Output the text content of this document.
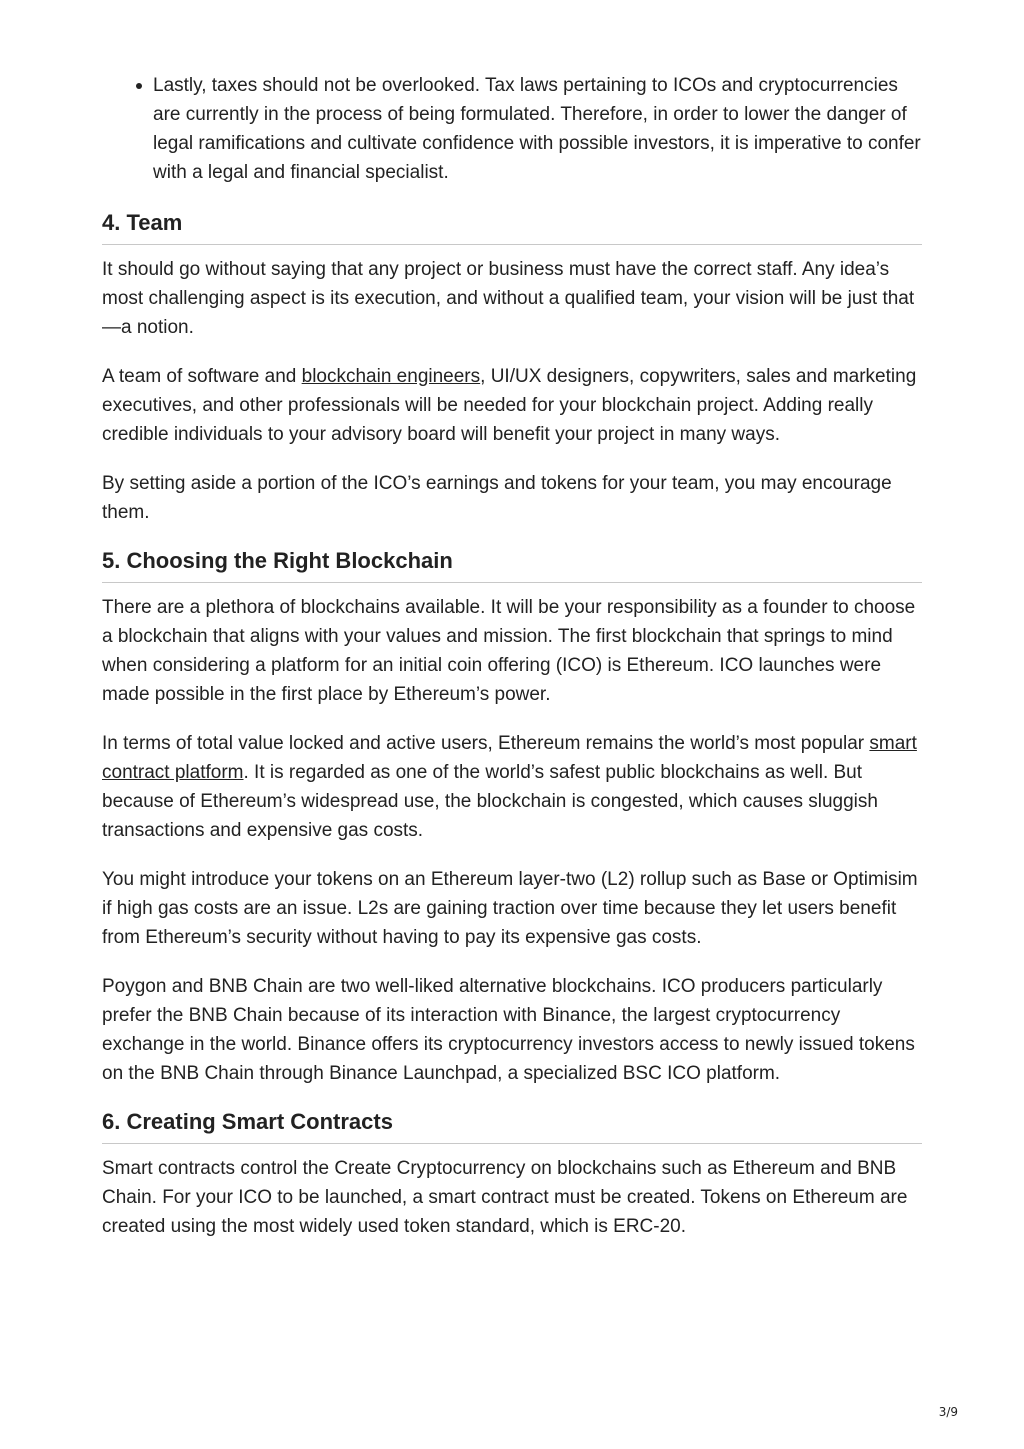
Lastly, taxes should not be overlooked. Tax laws pertaining to ICOs and cryptocurrencies are currently in the process of being formulated. Therefore, in order to lower the danger of legal ramifications and cultivate confidence with possible investors, it is imperative to confer with a legal and financial specialist.
4. Team

It should go without saying that any project or business must have the correct staff. Any idea’s most challenging aspect is its execution, and without a qualified team, your vision will be just that—a notion.

A team of software and blockchain engineers, UI/UX designers, copywriters, sales and marketing executives, and other professionals will be needed for your blockchain project. Adding really credible individuals to your advisory board will benefit your project in many ways.

By setting aside a portion of the ICO’s earnings and tokens for your team, you may encourage them.

5. Choosing the Right Blockchain

There are a plethora of blockchains available. It will be your responsibility as a founder to choose a blockchain that aligns with your values and mission. The first blockchain that springs to mind when considering a platform for an initial coin offering (ICO) is Ethereum. ICO launches were made possible in the first place by Ethereum’s power.

In terms of total value locked and active users, Ethereum remains the world’s most popular smart contract platform. It is regarded as one of the world’s safest public blockchains as well. But because of Ethereum’s widespread use, the blockchain is congested, which causes sluggish transactions and expensive gas costs.

You might introduce your tokens on an Ethereum layer-two (L2) rollup such as Base or Optimisim if high gas costs are an issue. L2s are gaining traction over time because they let users benefit from Ethereum’s security without having to pay its expensive gas costs.

Poygon and BNB Chain are two well-liked alternative blockchains. ICO producers particularly prefer the BNB Chain because of its interaction with Binance, the largest cryptocurrency exchange in the world. Binance offers its cryptocurrency investors access to newly issued tokens on the BNB Chain through Binance Launchpad, a specialized BSC ICO platform.

6. Creating Smart Contracts

Smart contracts control the Create Cryptocurrency on blockchains such as Ethereum and BNB Chain. For your ICO to be launched, a smart contract must be created. Tokens on Ethereum are created using the most widely used token standard, which is ERC-20.

3/9
